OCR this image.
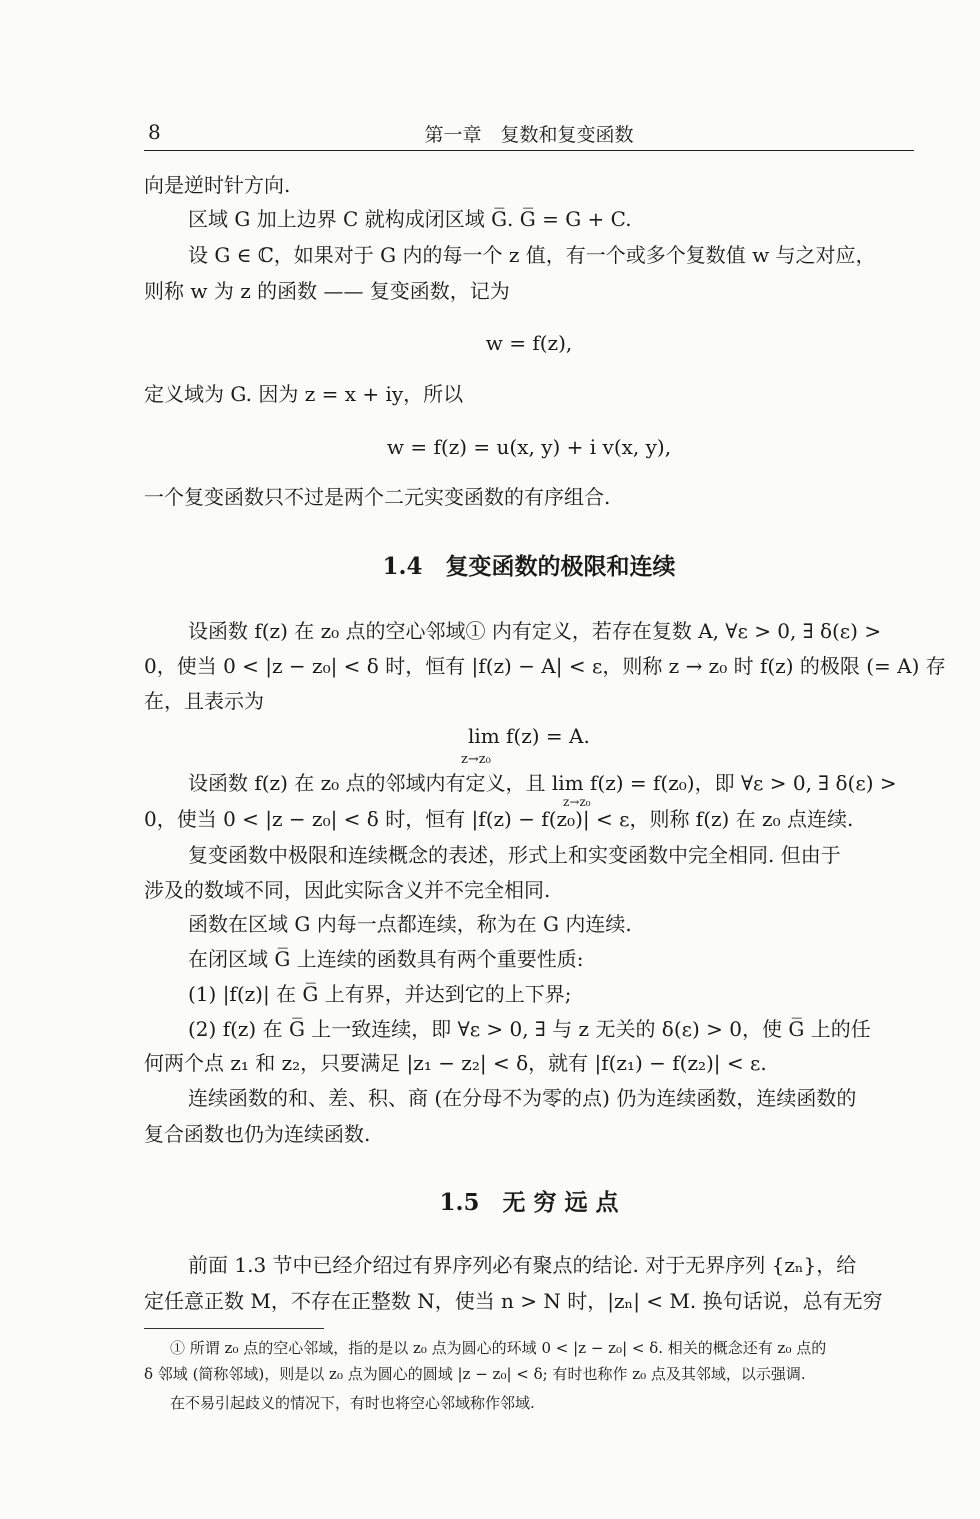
8	第一章　复数和复变函数
向是逆时针方向.
区域 G 加上边界 C 就构成闭区域 G̅. G̅ = G + C.
设 G ∈ ℂ，如果对于 G 内的每一个 z 值，有一个或多个复数值 w 与之对应，
则称 w 为 z 的函数 —— 复变函数，记为
w = f(z),
定义域为 G. 因为 z = x + iy，所以
w = f(z) = u(x, y) + i v(x, y),
一个复变函数只不过是两个二元实变函数的有序组合.
1.4　复变函数的极限和连续
设函数 f(z) 在 z₀ 点的空心邻域① 内有定义，若存在复数 A, ∀ε > 0, ∃ δ(ε) >
0，使当 0 < |z − z₀| < δ 时，恒有 |f(z) − A| < ε，则称 z → z₀ 时 f(z) 的极限 (= A) 存
在，且表示为
lim
z→z₀
f(z) = A.
设函数 f(z) 在 z₀ 点的邻域内有定义，且 lim f(z) = f(z₀)，即 ∀ε > 0, ∃ δ(ε) >
z→z₀
0，使当 0 < |z − z₀| < δ 时，恒有 |f(z) − f(z₀)| < ε，则称 f(z) 在 z₀ 点连续.
复变函数中极限和连续概念的表述，形式上和实变函数中完全相同. 但由于
涉及的数域不同，因此实际含义并不完全相同.
函数在区域 G 内每一点都连续，称为在 G 内连续.
在闭区域 G̅ 上连续的函数具有两个重要性质:
(1) |f(z)| 在 G̅ 上有界，并达到它的上下界;
(2) f(z) 在 G̅ 上一致连续，即 ∀ε > 0, ∃ 与 z 无关的 δ(ε) > 0，使 G̅ 上的任
何两个点 z₁ 和 z₂，只要满足 |z₁ − z₂| < δ，就有 |f(z₁) − f(z₂)| < ε.
连续函数的和、差、积、商 (在分母不为零的点) 仍为连续函数，连续函数的
复合函数也仍为连续函数.
1.5　无 穷 远 点
前面 1.3 节中已经介绍过有界序列必有聚点的结论. 对于无界序列 {zₙ}，给
定任意正数 M，不存在正整数 N，使当 n > N 时，|zₙ| < M. 换句话说，总有无穷
① 所谓 z₀ 点的空心邻域，指的是以 z₀ 点为圆心的环域 0 < |z − z₀| < δ. 相关的概念还有 z₀ 点的
δ 邻域 (简称邻域)，则是以 z₀ 点为圆心的圆域 |z − z₀| < δ; 有时也称作 z₀ 点及其邻域，以示强调.
在不易引起歧义的情况下，有时也将空心邻域称作邻域.
